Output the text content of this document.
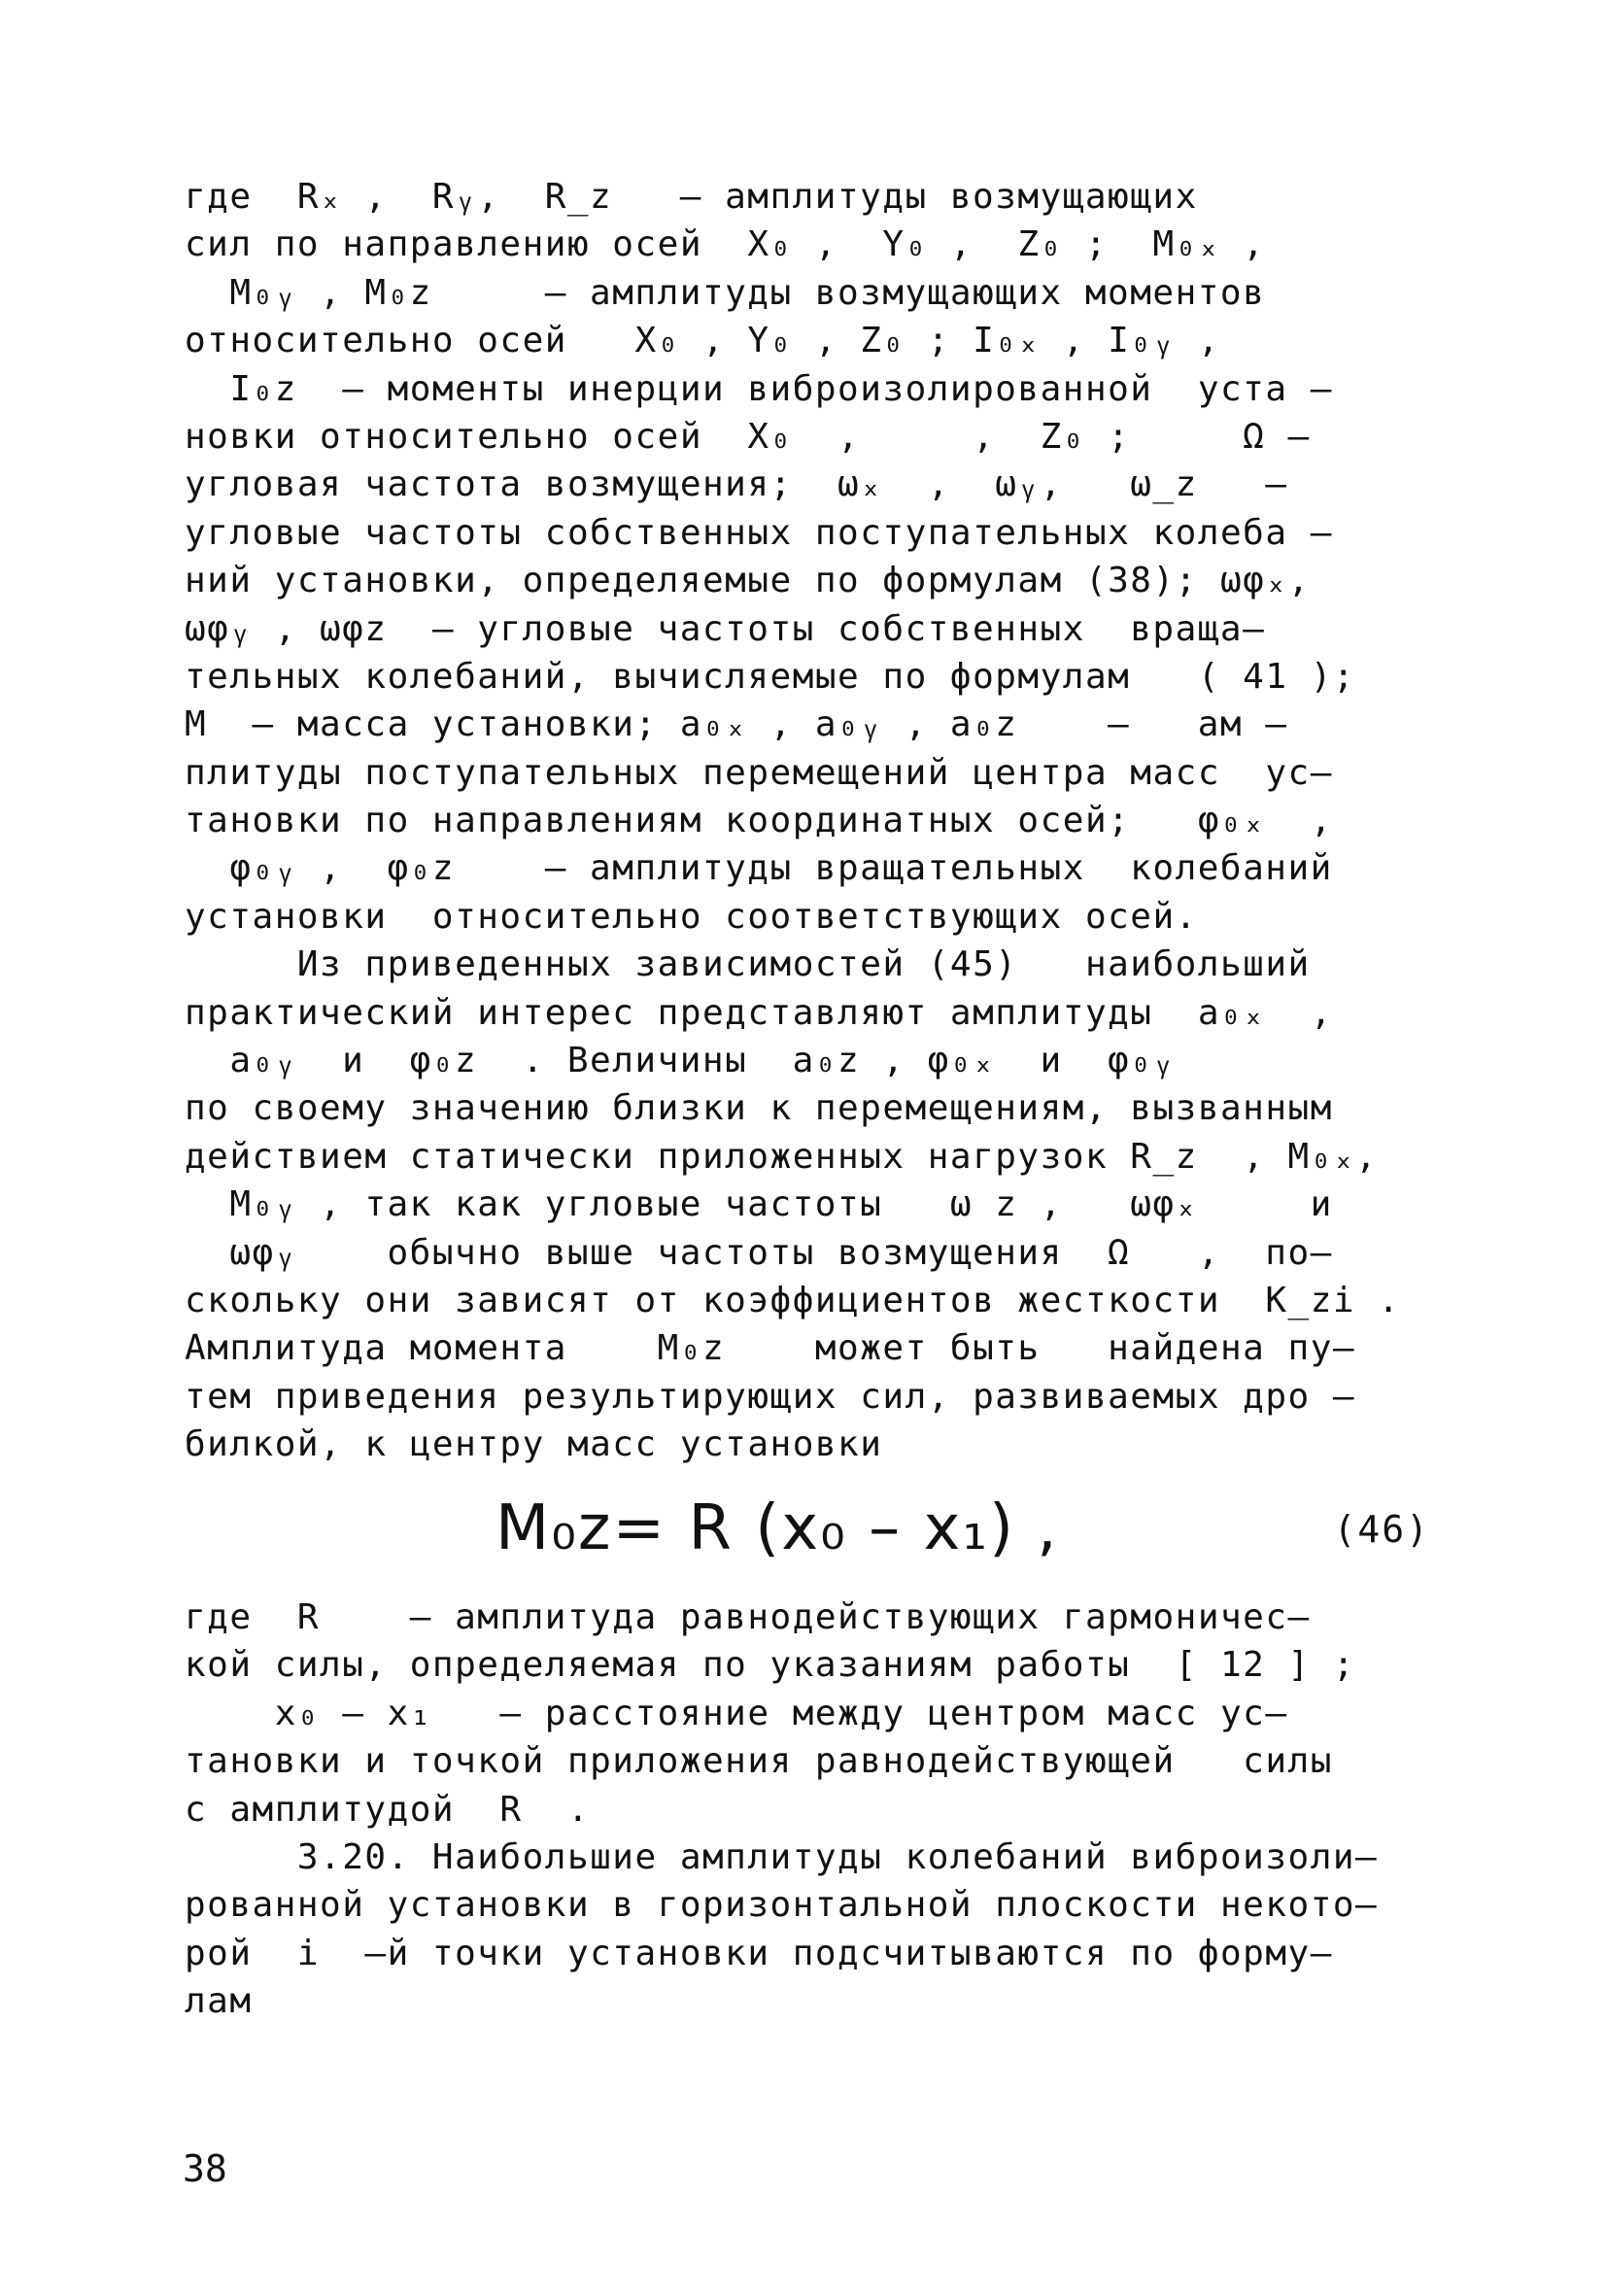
где  Rₓ ,  Rᵧ,  R_z   – амплитуды возмущающих
сил по направлению осей  X₀ ,  Y₀ ,  Z₀ ;  M₀ₓ ,
M₀ᵧ , M₀z     – амплитуды возмущающих моментов
относительно осей   X₀ , Y₀ , Z₀ ; I₀ₓ , I₀ᵧ ,
I₀z  – моменты инерции виброизолированной  уста –
новки относительно осей  X₀  ,     ,  Z₀ ;     Ω –
угловая частота возмущения;  ωₓ  ,  ωᵧ,   ω_z   –
угловые частоты собственных поступательных колеба –
ний установки, определяемые по формулам (38); ωφₓ,
ωφᵧ , ωφz  – угловые частоты собственных  враща–
тельных колебаний, вычисляемые по формулам   ( 41 );
M  – масса установки; a₀ₓ , a₀ᵧ , a₀z    –   ам –
плитуды поступательных перемещений центра масс  ус–
тановки по направлениям координатных осей;   φ₀ₓ  ,
φ₀ᵧ ,  φ₀z    – амплитуды вращательных  колебаний
установки  относительно соответствующих осей.
Из приведенных зависимостей (45)   наибольший
практический интерес представляют амплитуды  a₀ₓ  ,
a₀ᵧ  и  φ₀z  . Величины  a₀z , φ₀ₓ  и  φ₀ᵧ
по своему значению близки к перемещениям, вызванным
действием статически приложенных нагрузок R_z  , M₀ₓ,
M₀ᵧ , так как угловые частоты   ω z ,   ωφₓ     и
ωφᵧ    обычно выше частоты возмущения  Ω   ,  по–
скольку они зависят от коэффициентов жесткости  K_zi .
Амплитуда момента    M₀z    может быть   найдена пу–
тем приведения результирующих сил, развиваемых дро –
билкой, к центру масс установки
M₀z= R (x₀ – x₁) ,	(46)
где  R    – амплитуда равнодействующих гармоничес–
кой силы, определяемая по указаниям работы  [ 12 ] ;
x₀ – x₁   – расстояние между центром масс ус–
тановки и точкой приложения равнодействующей   силы
с амплитудой  R  .
3.20. Наибольшие амплитуды колебаний виброизоли–
рованной установки в горизонтальной плоскости некото–
рой  i  –й точки установки подсчитываются по форму–
лам
38
